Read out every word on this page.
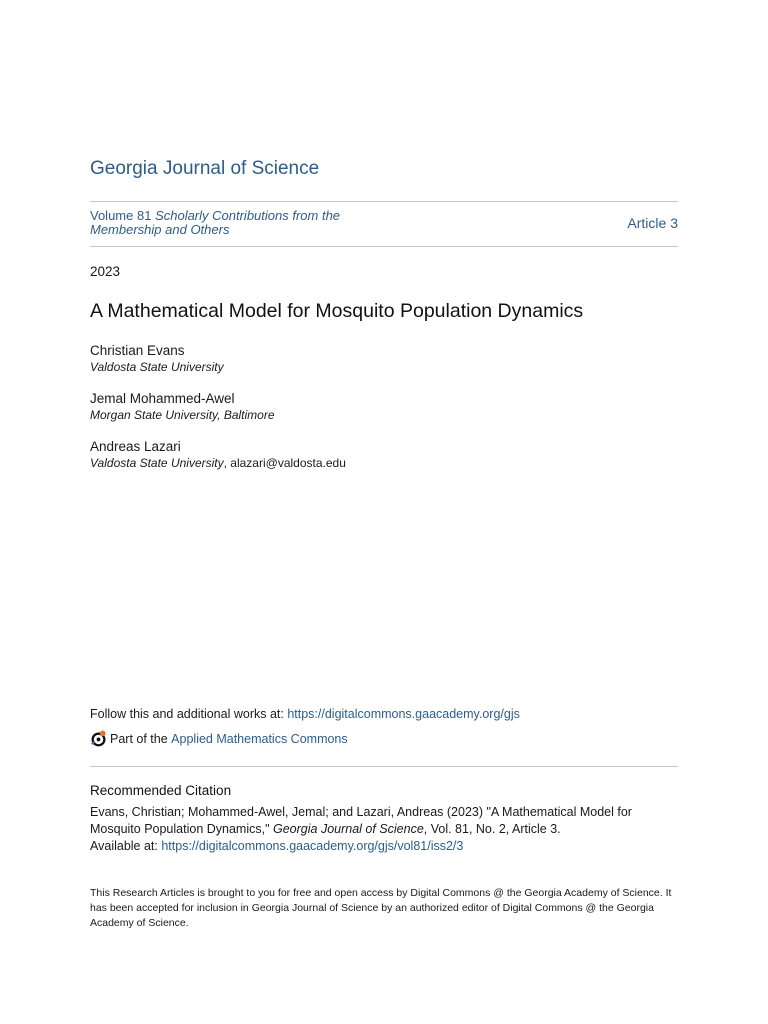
Georgia Journal of Science
Volume 81 Scholarly Contributions from the Membership and Others	Article 3
2023
A Mathematical Model for Mosquito Population Dynamics
Christian Evans
Valdosta State University
Jemal Mohammed-Awel
Morgan State University, Baltimore
Andreas Lazari
Valdosta State University, alazari@valdosta.edu
Follow this and additional works at: https://digitalcommons.gaacademy.org/gjs
Part of the
Applied Mathematics Commons
Recommended Citation
Evans, Christian; Mohammed-Awel, Jemal; and Lazari, Andreas (2023) "A Mathematical Model for Mosquito Population Dynamics," Georgia Journal of Science, Vol. 81, No. 2, Article 3.
Available at: https://digitalcommons.gaacademy.org/gjs/vol81/iss2/3
This Research Articles is brought to you for free and open access by Digital Commons @ the Georgia Academy of Science. It has been accepted for inclusion in Georgia Journal of Science by an authorized editor of Digital Commons @ the Georgia Academy of Science.
